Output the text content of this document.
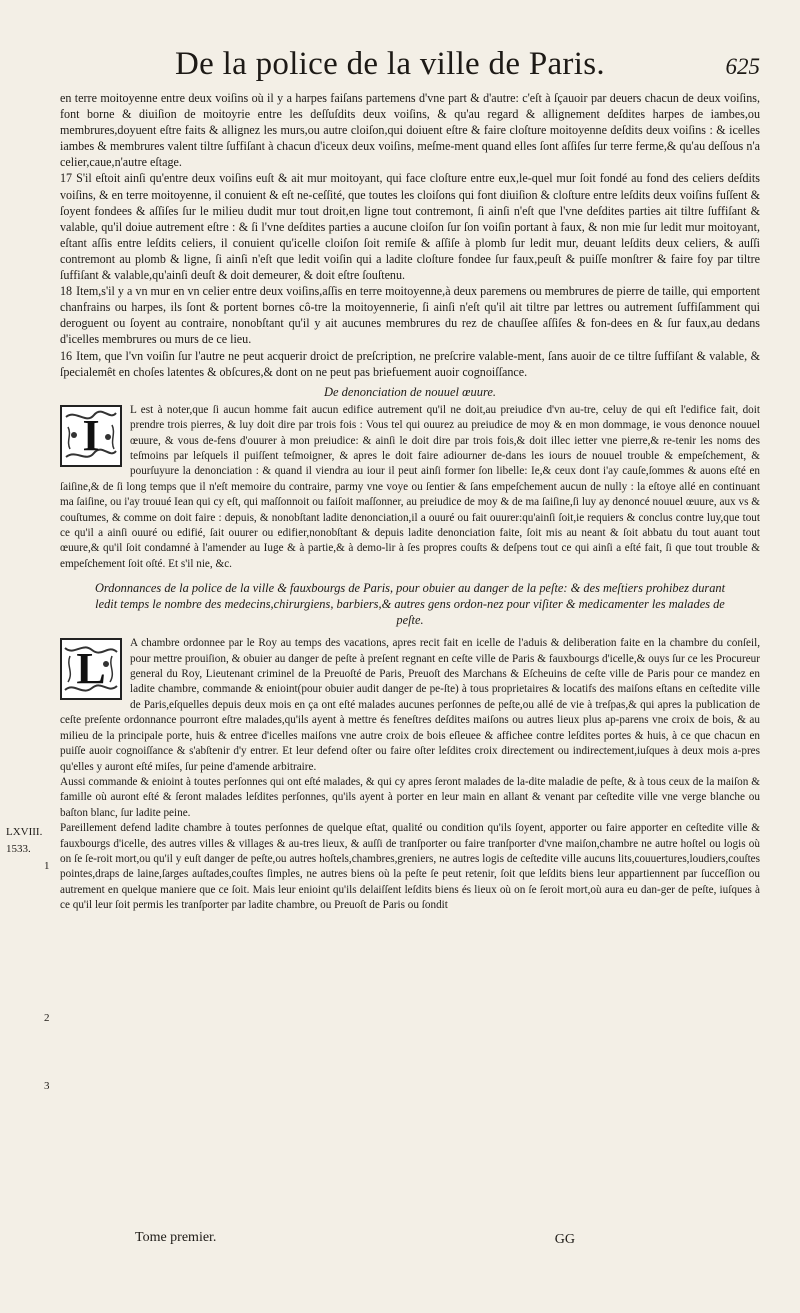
De la police de la ville de Paris.	625

en terre moitoyenne entre deux voiſins où il y a harpes faiſans partemens d'vne part & d'autre: c'eſt à ſçauoir par deuers chacun de deux voiſins, font borne & diuiſion de moitoyrie entre les deſſuſdits deux voiſins, & qu'au regard & allignement deſdites harpes de iambes,ou membrures,doyuent eſtre faits & allignez les murs,ou autre cloiſon,qui doiuent eſtre & faire cloſture moitoyenne deſdits deux voiſins : & icelles iambes & membrures valent tiltre ſuffiſant à chacun d'iceux deux voiſins, meſme-ment quand elles ſont aſſiſes ſur terre ferme,& qu'au deſſous n'a celier,caue,n'autre eſtage.

17 S'il eſtoit ainſi qu'entre deux voiſins euſt & ait mur moitoyant, qui face cloſture entre eux,le-quel mur ſoit fondé au fond des celiers deſdits voiſins, & en terre moitoyenne, il conuient & eſt ne-ceſſité, que toutes les cloiſons qui font diuiſion & cloſture entre leſdits deux voiſins fuſſent & ſoyent fondees & aſſiſes ſur le milieu dudit mur tout droit,en ligne tout contremont, ſi ainſi n'eſt que l'vne deſdites parties ait tiltre ſuffiſant & valable, qu'il doiue autrement eſtre : & ſi l'vne deſdites parties a aucune cloiſon ſur ſon voiſin portant à faux, & non mie ſur ledit mur moitoyant, eſtant aſſis entre leſdits celiers, il conuient qu'icelle cloiſon ſoit remiſe & aſſiſe à plomb ſur ledit mur, deuant leſdits deux celiers, & auſſi contremont au plomb & ligne, ſi ainſi n'eſt que ledit voiſin qui a ladite cloſture fondee ſur faux,peuſt & puiſſe monſtrer & faire foy par tiltre ſuffiſant & valable,qu'ainſi deuſt & doit demeurer, & doit eſtre ſouſtenu.

18 Item,s'il y a vn mur en vn celier entre deux voiſins,aſſis en terre moitoyenne,à deux paremens ou membrures de pierre de taille, qui emportent chanfrains ou harpes, ils ſont & portent bornes cô-tre la moitoyennerie, ſi ainſi n'eſt qu'il ait tiltre par lettres ou autrement ſuffiſamment qui deroguent ou ſoyent au contraire, nonobſtant qu'il y ait aucunes membrures du rez de chauſſee aſſiſes & fon-dees en & ſur faux,au dedans d'icelles membrures ou murs de ce lieu.

16 Item, que l'vn voiſin ſur l'autre ne peut acquerir droict de preſcription, ne preſcrire valable-ment, ſans auoir de ce tiltre ſuffiſant & valable, & ſpecialemêt en choſes latentes & obſcures,& dont on ne peut pas briefuement auoir cognoiſſance.

De denonciation de nouuel œuure.

I
L est à noter,que ſi aucun homme fait aucun edifice autrement qu'il ne doit,au preiudice d'vn au-tre, celuy de qui eſt l'edifice fait, doit prendre trois pierres, & luy doit dire par trois fois : Vous tel qui ouurez au preiudice de moy & en mon dommage, ie vous denonce nouuel œuure, & vous de-fens d'ouurer à mon preiudice: & ainſi le doit dire par trois fois,& doit illec ietter vne pierre,& re-tenir les noms des teſmoins par leſquels il puiſſent teſmoigner, & apres le doit faire adiourner de-dans les iours de nouuel trouble & empeſchement, & pourſuyure la denonciation : & quand il viendra au iour il peut ainſi former ſon libelle: Ie,& ceux dont i'ay cauſe,ſommes & auons eſté en ſaiſine,& de ſi long temps que il n'eſt memoire du contraire, parmy vne voye ou ſentier & ſans empeſchement aucun de nully : la eſtoye allé en continuant ma ſaiſine, ou i'ay trouué Iean qui cy eſt, qui maſſonnoit ou faiſoit maſſonner, au preiudice de moy & de ma ſaiſine,ſi luy ay denoncé nouuel œuure, aux vs & couſtumes, & comme on doit faire : depuis, & nonobſtant ladite denonciation,il a ouuré ou fait ouurer:qu'ainſi ſoit,ie requiers & conclus contre luy,que tout ce qu'il a ainſi ouuré ou edifié, ſait ouurer ou edifier,nonobſtant & depuis ladite denonciation faite, ſoit mis au neant & ſoit abbatu du tout auant tout œuure,& qu'il ſoit condamné à l'amender au Iuge & à partie,& à demo-lir à ſes propres couſts & deſpens tout ce qui ainſi a eſté fait, ſi que tout trouble & empeſchement ſoit oſté. Et s'il nie, &c.

Ordonnances de la police de la ville & fauxbourgs de Paris, pour obuier au danger de la peſte: & des meſtiers prohibez durant ledit temps le nombre des medecins,chirurgiens, barbiers,& autres gens ordon-nez pour viſiter & medicamenter les malades de peſte.

L
A chambre ordonnee par le Roy au temps des vacations, apres recit fait en icelle de l'aduis & deliberation faite en la chambre du conſeil, pour mettre prouiſion, & obuier au danger de peſte à preſent regnant en ceſte ville de Paris & fauxbourgs d'icelle,& ouys ſur ce les Procureur general du Roy, Lieutenant criminel de la Preuoſté de Paris, Preuoſt des Marchans & Eſcheuins de ceſte ville de Paris pour ce mandez en ladite chambre, commande & enioint(pour obuier audit danger de pe-ſte) à tous proprietaires & locatifs des maiſons eſtans en ceſtedite ville de Paris,eſquelles depuis deux mois en ça ont eſté malades aucunes perſonnes de peſte,ou allé de vie à treſpas,& qui apres la publication de ceſte preſente ordonnance pourront eſtre malades,qu'ils ayent à mettre és feneſtres deſdites maiſons ou autres lieux plus ap-parens vne croix de bois, & au milieu de la principale porte, huis & entree d'icelles maiſons vne autre croix de bois eſleuee & affichee contre leſdites portes & huis, à ce que chacun en puiſſe auoir cognoiſſance & s'abſtenir d'y entrer. Et leur defend oſter ou faire oſter leſdites croix directement ou indirectement,iuſques à deux mois a-pres qu'elles y auront eſté miſes, ſur peine d'amende arbitraire.

Aussi commande & enioint à toutes perſonnes qui ont eſté malades, & qui cy apres ſeront malades de la-dite maladie de peſte, & à tous ceux de la maiſon & famille où auront eſté & ſeront malades leſdites perſonnes, qu'ils ayent à porter en leur main en allant & venant par ceſtedite ville vne verge blanche ou baſton blanc, ſur ladite peine.

Pareillement defend ladite chambre à toutes perſonnes de quelque eſtat, qualité ou condition qu'ils ſoyent, apporter ou faire apporter en ceſtedite ville & fauxbourgs d'icelle, des autres villes & villages & au-tres lieux, & auſſi de tranſporter ou faire tranſporter d'vne maiſon,chambre ne autre hoſtel ou logis où on ſe ſe-roit mort,ou qu'il y euſt danger de peſte,ou autres hoſtels,chambres,greniers, ne autres logis de ceſtedite ville aucuns lits,couuertures,loudiers,couſtes pointes,draps de laine,ſarges auſtades,couſtes ſimples, ne autres biens où la peſte ſe peut retenir, ſoit que leſdits biens leur appartiennent par ſucceſſion ou autrement en quelque maniere que ce ſoit. Mais leur enioint qu'ils delaiſſent leſdits biens és lieux où on ſe ſeroit mort,où aura eu dan-ger de peſte, iuſques à ce qu'il leur ſoit permis les tranſporter par ladite chambre, ou Preuoſt de Paris ou ſondit

LXVIII.
1533.
1
2
3
Tome premier.	GG
